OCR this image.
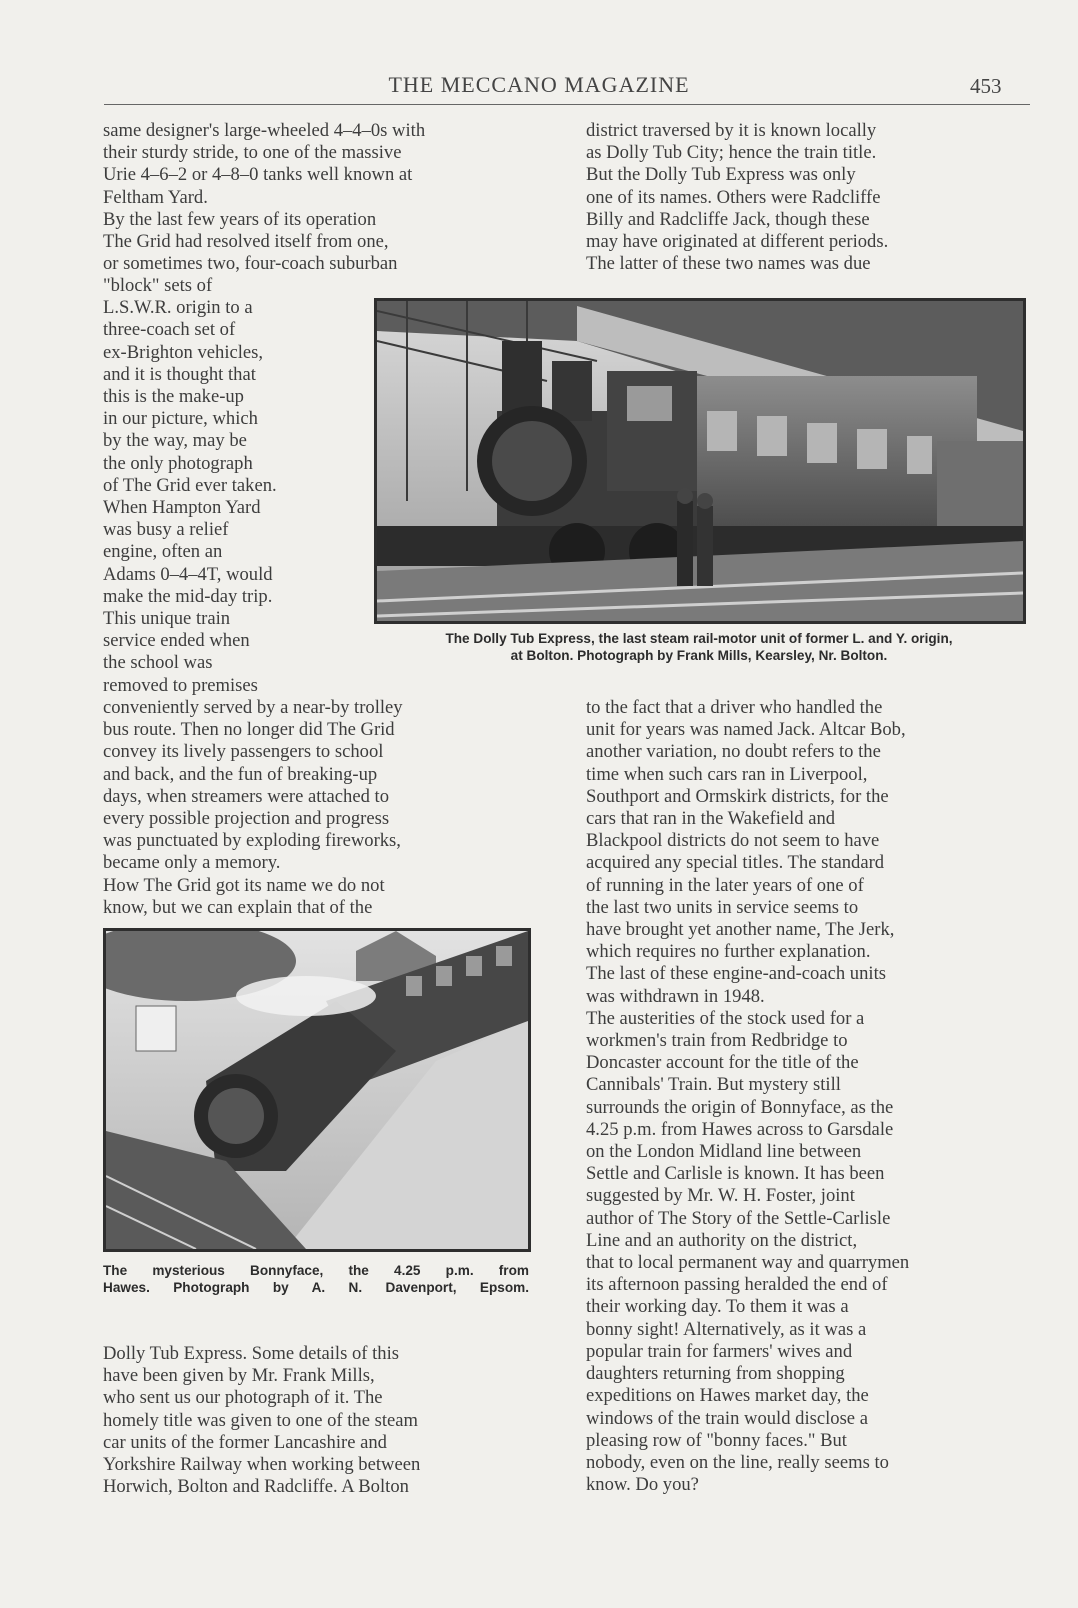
THE MECCANO MAGAZINE	453

same designer's large-wheeled 4–4–0s with
their sturdy stride, to one of the massive
Urie 4–6–2 or 4–8–0 tanks well known at
Feltham Yard.
By the last few years of its operation
The Grid had resolved itself from one,
or sometimes two, four-coach suburban

"block" sets of
L.S.W.R. origin to a
three-coach set of
ex-Brighton vehicles,
and it is thought that
this is the make-up
in our picture, which
by the way, may be
the only photograph
of The Grid ever taken.
When Hampton Yard
was busy a relief
engine, often an
Adams 0–4–4T, would
make the mid-day trip.
This unique train
service ended when
the school was
removed to premises

conveniently served by a near-by trolley
bus route. Then no longer did The Grid
convey its lively passengers to school
and back, and the fun of breaking-up
days, when streamers were attached to
every possible projection and progress
was punctuated by exploding fireworks,
became only a memory.
How The Grid got its name we do not
know, but we can explain that of the

Dolly Tub Express. Some details of this
have been given by Mr. Frank Mills,
who sent us our photograph of it. The
homely title was given to one of the steam
car units of the former Lancashire and
Yorkshire Railway when working between
Horwich, Bolton and Radcliffe. A Bolton

district traversed by it is known locally
as Dolly Tub City; hence the train title.
But the Dolly Tub Express was only
one of its names. Others were Radcliffe
Billy and Radcliffe Jack, though these
may have originated at different periods.
The latter of these two names was due

to the fact that a driver who handled the
unit for years was named Jack. Altcar Bob,
another variation, no doubt refers to the
time when such cars ran in Liverpool,
Southport and Ormskirk districts, for the
cars that ran in the Wakefield and
Blackpool districts do not seem to have
acquired any special titles. The standard
of running in the later years of one of
the last two units in service seems to
have brought yet another name, The Jerk,
which requires no further explanation.
The last of these engine-and-coach units
was withdrawn in 1948.
The austerities of the stock used for a
workmen's train from Redbridge to
Doncaster account for the title of the
Cannibals' Train. But mystery still
surrounds the origin of Bonnyface, as the
4.25 p.m. from Hawes across to Garsdale
on the London Midland line between
Settle and Carlisle is known. It has been
suggested by Mr. W. H. Foster, joint
author of The Story of the Settle-Carlisle
Line and an authority on the district,
that to local permanent way and quarrymen
its afternoon passing heralded the end of
their working day. To them it was a
bonny sight! Alternatively, as it was a
popular train for farmers' wives and
daughters returning from shopping
expeditions on Hawes market day, the
windows of the train would disclose a
pleasing row of "bonny faces." But
nobody, even on the line, really seems to
know. Do you?

The Dolly Tub Express, the last steam rail-motor unit of former L. and Y. origin,
at Bolton. Photograph by Frank Mills, Kearsley, Nr. Bolton.

The mysterious Bonnyface, the 4.25 p.m. from
Hawes. Photograph by A. N. Davenport, Epsom.
